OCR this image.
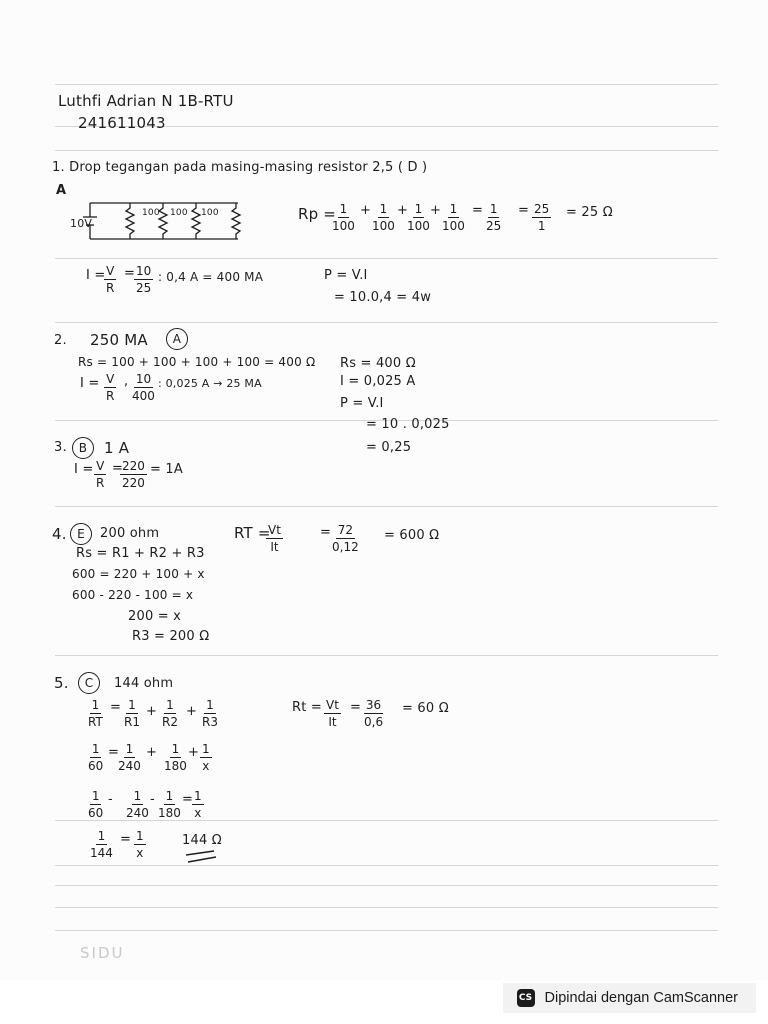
Luthfi Adrian N 1B-RTU
241611043
1. Drop tegangan pada masing-masing resistor 2,5 ( D )
A
10V
100 100 100	Rp =
$\frac{1}{100} + \frac{1}{100}$ +
$\frac{1}{100}$
+ $\frac{1}{100} = \frac{1}{25} = \frac{25}{1} = 25$ Ω
I =
$\frac{V}{R} = \frac{10}{25}$ : 0,4 A = 400 MA	P = V.I
= 10.0,4 = 4w
2. 250 MA	A
Rs = 100 + 100 + 100 + 100 = 400 Ω
$I = \frac{V}{R}$ , $\frac{10}{400}$ : 0,025 A → 25 MA
Rs = 400 Ω
I = 0,025 A
P = V.I
= 10 . 0,025
= 0,25
3. B	1 A
$I = \frac{V}{R}$ =
$\frac{220}{220} = 1A$
4. E	200 ohm	RT =
$\frac{Vt}{It}$	= $\frac{72}{0,12} = 600$ Ω
Rs = R1 + R2 + R3
600 = 220 + 100 + x
600 - 220 - 100 = x
200 = x
R3 = 200 Ω
5.	C	144 ohm
$\frac{1}{RT} = \frac{1}{R1} + \frac{1}{R2} + \frac{1}{R3}$	$Rt = \frac{Vt}{It} = \frac{36}{0,6} = 60$ Ω
$\frac{1}{60}$ =
$\frac{1}{240} + \frac{1}{180} + \frac{1}{x}$
$\frac{1}{60} - \frac{1}{240} - \frac{1}{180} = \frac{1}{x}$
$\frac{1}{144} = \frac{1}{x}$	144 Ω
SIDU
CS Dipindai dengan CamScanner
